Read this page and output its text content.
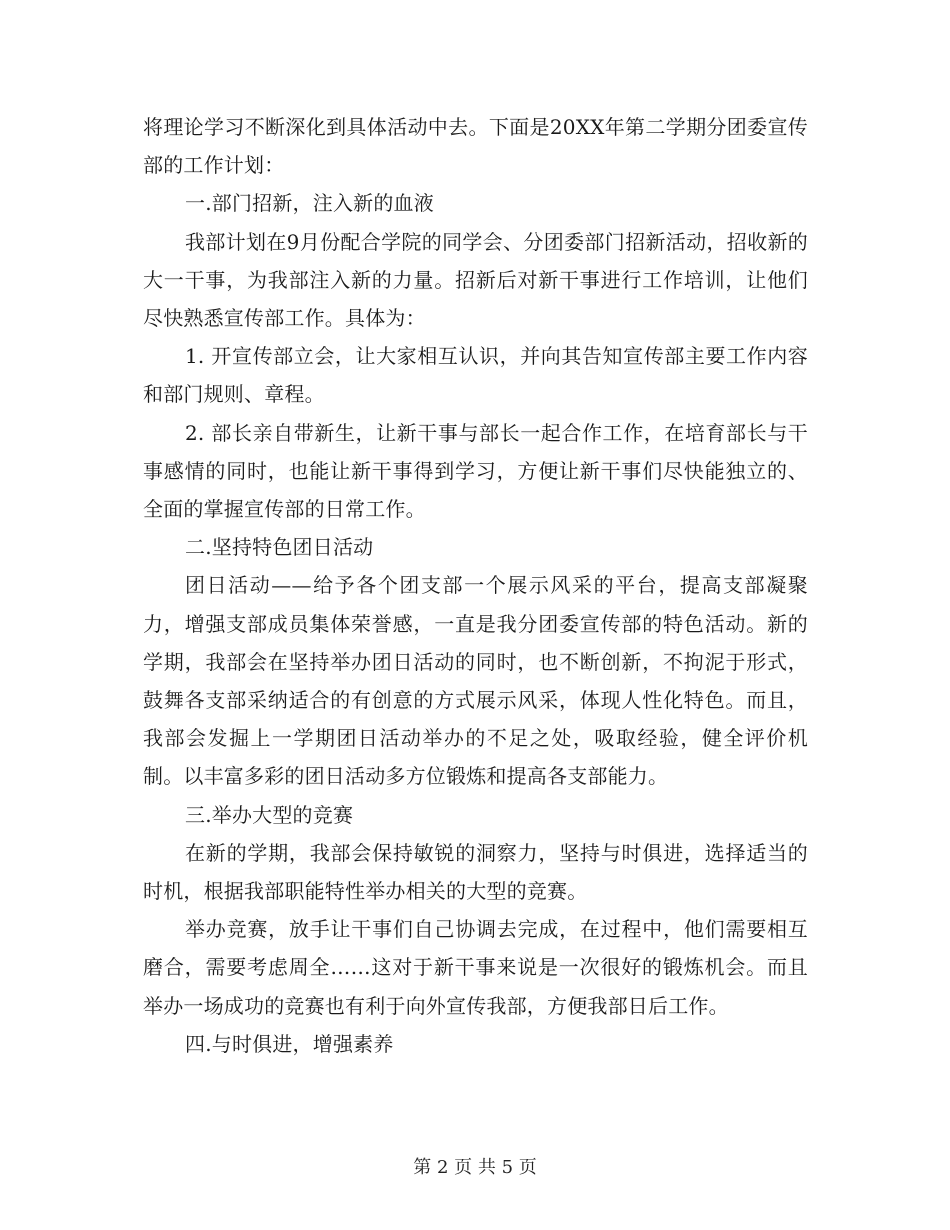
将理论学习不断深化到具体活动中去。下面是20XX年第二学期分团委宣传部的工作计划：

一.部门招新，注入新的血液

我部计划在9月份配合学院的同学会、分团委部门招新活动，招收新的大一干事，为我部注入新的力量。招新后对新干事进行工作培训，让他们尽快熟悉宣传部工作。具体为：

1. 开宣传部立会，让大家相互认识，并向其告知宣传部主要工作内容和部门规则、章程。

2. 部长亲自带新生，让新干事与部长一起合作工作，在培育部长与干事感情的同时，也能让新干事得到学习，方便让新干事们尽快能独立的、全面的掌握宣传部的日常工作。

二.坚持特色团日活动

团日活动——给予各个团支部一个展示风采的平台，提高支部凝聚力，增强支部成员集体荣誉感，一直是我分团委宣传部的特色活动。新的学期，我部会在坚持举办团日活动的同时，也不断创新，不拘泥于形式，鼓舞各支部采纳适合的有创意的方式展示风采，体现人性化特色。而且，我部会发掘上一学期团日活动举办的不足之处，吸取经验，健全评价机制。以丰富多彩的团日活动多方位锻炼和提高各支部能力。

三.举办大型的竞赛

在新的学期，我部会保持敏锐的洞察力，坚持与时俱进，选择适当的时机，根据我部职能特性举办相关的大型的竞赛。

举办竞赛，放手让干事们自己协调去完成，在过程中，他们需要相互磨合，需要考虑周全……这对于新干事来说是一次很好的锻炼机会。而且举办一场成功的竞赛也有利于向外宣传我部，方便我部日后工作。

四.与时俱进，增强素养

第 2 页 共 5 页
